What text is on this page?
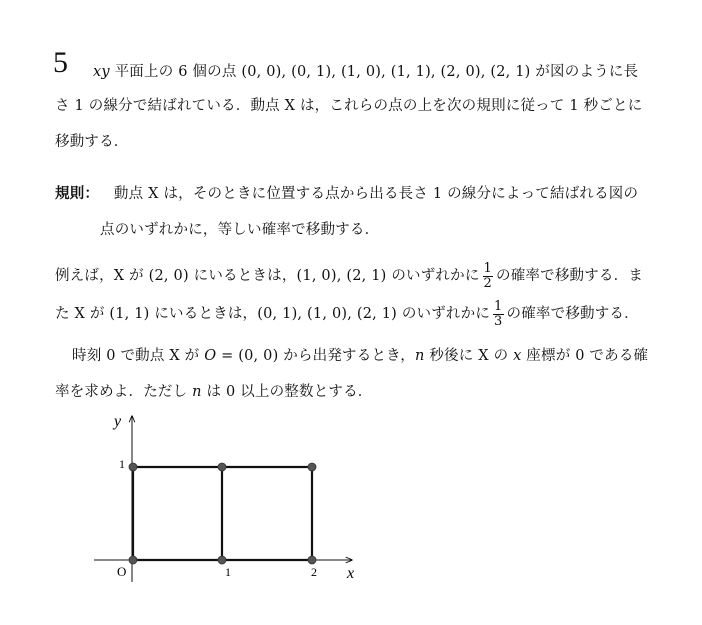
5 xy 平面上の 6 個の点 (0, 0), (0, 1), (1, 0), (1, 1), (2, 0), (2, 1) が図のように長
さ 1 の線分で結ばれている．動点 X は，これらの点の上を次の規則に従って 1 秒ごとに
移動する．
規則： 動点 X は，そのときに位置する点から出る長さ 1 の線分によって結ばれる図の
点のいずれかに，等しい確率で移動する．
例えば，X が (2, 0) にいるときは，(1, 0), (2, 1) のいずれかに $\frac{1}{2}$ の確率で移動する．ま
た X が (1, 1) にいるときは，(0, 1), (1, 0), (2, 1) のいずれかに $\frac{1}{3}$ の確率で移動する．
時刻 0 で動点 X が O = (0, 0) から出発するとき，n 秒後に X の x 座標が 0 である確
率を求めよ．ただし n は 0 以上の整数とする．
y
x
O
1
1	2
